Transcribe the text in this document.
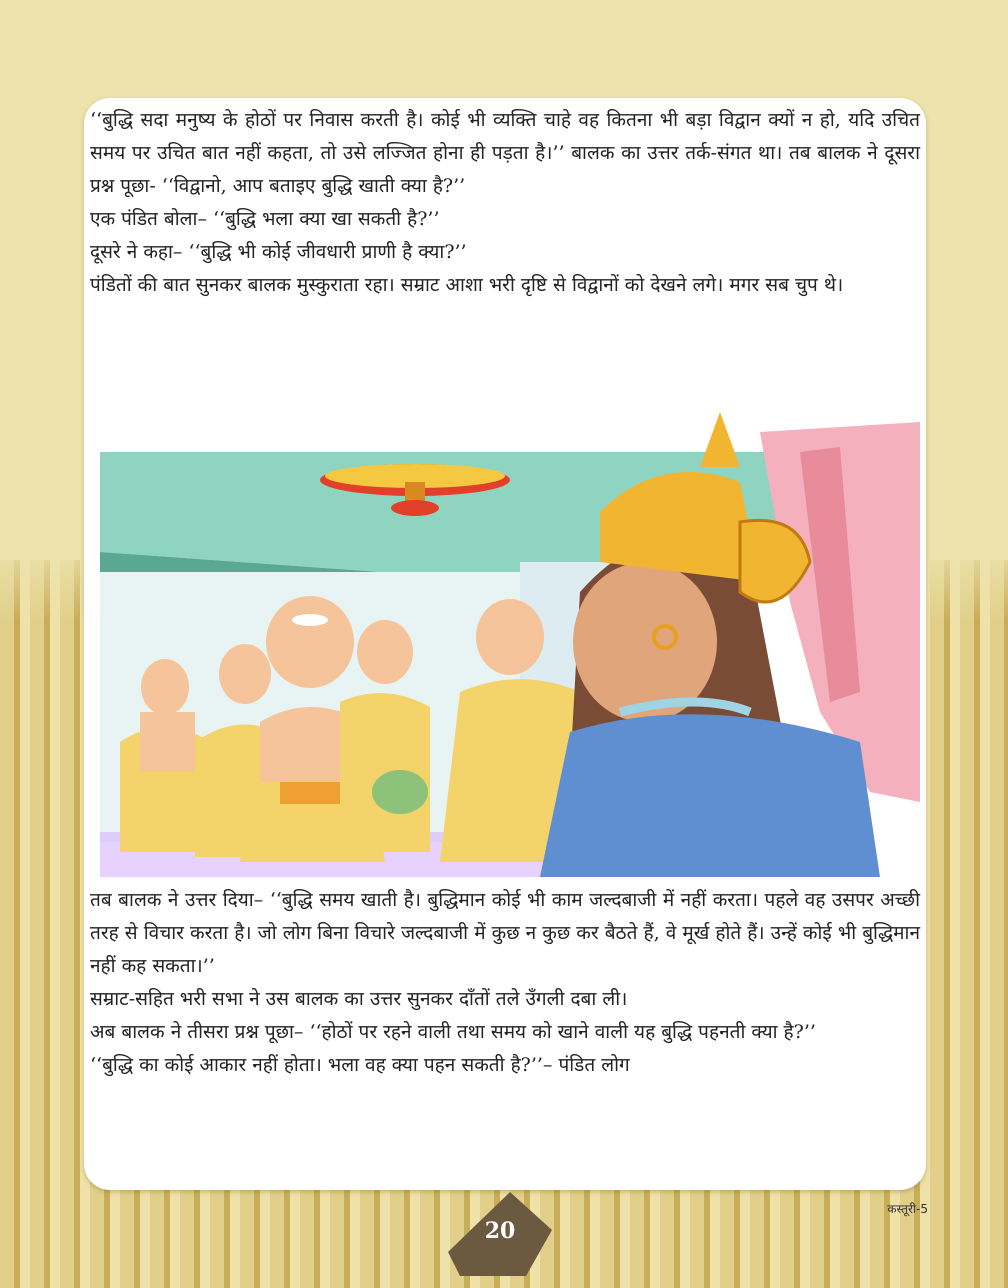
‘‘बुद्धि सदा मनुष्य के होठों पर निवास करती है। कोई भी व्यक्ति चाहे वह कितना भी बड़ा विद्वान क्यों न हो, यदि उचित समय पर उचित बात नहीं कहता, तो उसे लज्जित होना ही पड़ता है।’’ बालक का उत्तर तर्क-संगत था। तब बालक ने दूसरा प्रश्न पूछा- ‘‘विद्वानो, आप बताइए बुद्धि खाती क्या है?’’

एक पंडित बोला– ‘‘बुद्धि भला क्या खा सकती है?’’

दूसरे ने कहा– ‘‘बुद्धि भी कोई जीवधारी प्राणी है क्या?’’

पंडितों की बात सुनकर बालक मुस्कुराता रहा। सम्राट आशा भरी दृष्टि से विद्वानों को देखने लगे। मगर सब चुप थे।

तब बालक ने उत्तर दिया– ‘‘बुद्धि समय खाती है। बुद्धिमान कोई भी काम जल्दबाजी में नहीं करता। पहले वह उसपर अच्छी तरह से विचार करता है। जो लोग बिना विचारे जल्दबाजी में कुछ न कुछ कर बैठते हैं, वे मूर्ख होते हैं। उन्हें कोई भी बुद्धिमान नहीं कह सकता।’’

सम्राट-सहित भरी सभा ने उस बालक का उत्तर सुनकर दाँतों तले उँगली दबा ली।

अब बालक ने तीसरा प्रश्न पूछा– ‘‘होठों पर रहने वाली तथा समय को खाने वाली यह बुद्धि पहनती क्या है?’’

‘‘बुद्धि का कोई आकार नहीं होता। भला वह क्या पहन सकती है?’’– पंडित लोग

20
कस्तूरी-5
